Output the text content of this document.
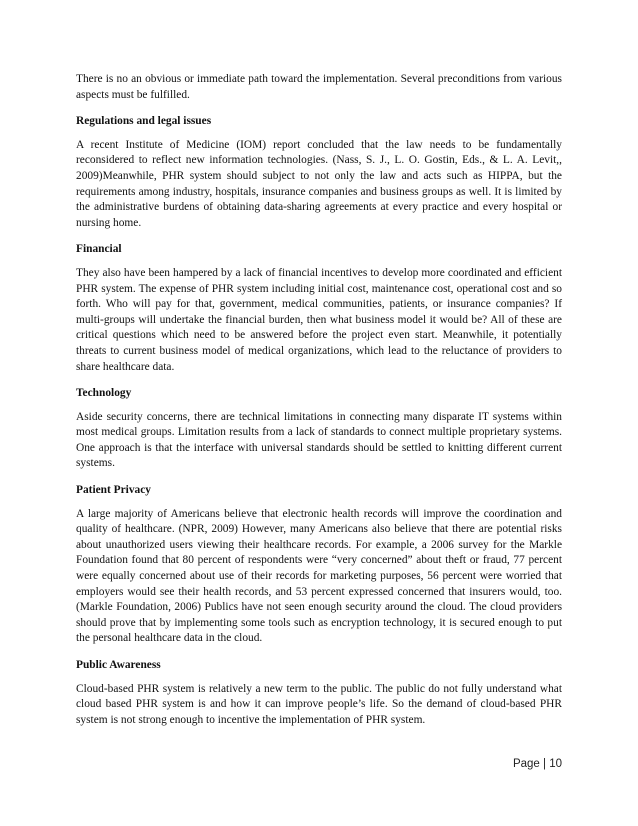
There is no an obvious or immediate path toward the implementation. Several preconditions from various aspects must be fulfilled.

Regulations and legal issues

A recent Institute of Medicine (IOM) report concluded that the law needs to be fundamentally reconsidered to reflect new information technologies. (Nass, S. J., L. O. Gostin, Eds., & L. A. Levit,, 2009)Meanwhile, PHR system should subject to not only the law and acts such as HIPPA, but the requirements among industry, hospitals, insurance companies and business groups as well. It is limited by the administrative burdens of obtaining data-sharing agreements at every practice and every hospital or nursing home.

Financial

They also have been hampered by a lack of financial incentives to develop more coordinated and efficient PHR system. The expense of PHR system including initial cost, maintenance cost, operational cost and so forth. Who will pay for that, government, medical communities, patients, or insurance companies? If multi-groups will undertake the financial burden, then what business model it would be? All of these are critical questions which need to be answered before the project even start. Meanwhile, it potentially threats to current business model of medical organizations, which lead to the reluctance of providers to share healthcare data.

Technology

Aside security concerns, there are technical limitations in connecting many disparate IT systems within most medical groups. Limitation results from a lack of standards to connect multiple proprietary systems. One approach is that the interface with universal standards should be settled to knitting different current systems.

Patient Privacy

A large majority of Americans believe that electronic health records will improve the coordination and quality of healthcare. (NPR, 2009) However, many Americans also believe that there are potential risks about unauthorized users viewing their healthcare records. For example, a 2006 survey for the Markle Foundation found that 80 percent of respondents were “very concerned” about theft or fraud, 77 percent were equally concerned about use of their records for marketing purposes, 56 percent were worried that employers would see their health records, and 53 percent expressed concerned that insurers would, too. (Markle Foundation, 2006) Publics have not seen enough security around the cloud. The cloud providers should prove that by implementing some tools such as encryption technology, it is secured enough to put the personal healthcare data in the cloud.

Public Awareness

Cloud-based PHR system is relatively a new term to the public. The public do not fully understand what cloud based PHR system is and how it can improve people’s life. So the demand of cloud-based PHR system is not strong enough to incentive the implementation of PHR system.

Page | 10
